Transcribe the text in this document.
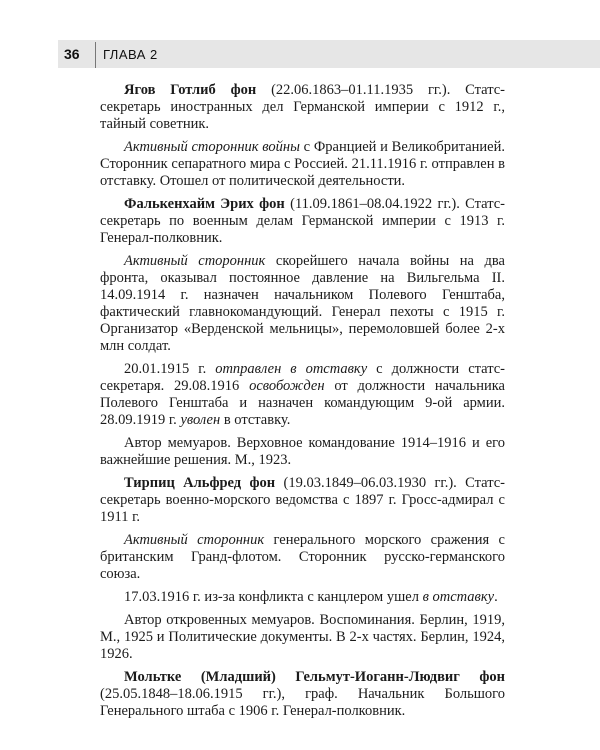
36 ГЛАВА 2

Ягов Готлиб фон (22.06.1863–01.11.1935 гг.). Статс-секретарь иностранных дел Германской империи с 1912 г., тайный советник.

Активный сторонник войны с Францией и Великобританией. Сторонник сепаратного мира с Россией. 21.11.1916 г. отправлен в отставку. Отошел от политической деятельности.

Фалькенхайм Эрих фон (11.09.1861–08.04.1922 гг.). Статс-секретарь по военным делам Германской империи с 1913 г. Генерал-полковник.

Активный сторонник скорейшего начала войны на два фронта, оказывал постоянное давление на Вильгельма II. 14.09.1914 г. назначен начальником Полевого Генштаба, фактический главнокомандующий. Генерал пехоты с 1915 г. Организатор «Верденской мельницы», перемоловшей более 2-х млн солдат.

20.01.1915 г. отправлен в отставку с должности статс-секретаря. 29.08.1916 освобожден от должности начальника Полевого Генштаба и назначен командующим 9-ой армии. 28.09.1919 г. уволен в отставку.

Автор мемуаров. Верховное командование 1914–1916 и его важнейшие решения. М., 1923.

Тирпиц Альфред фон (19.03.1849–06.03.1930 гг.). Статс-секретарь военно-морского ведомства с 1897 г. Гросс-адмирал с 1911 г.

Активный сторонник генерального морского сражения с британским Гранд-флотом. Сторонник русско-германского союза.

17.03.1916 г. из-за конфликта с канцлером ушел в отставку.

Автор откровенных мемуаров. Воспоминания. Берлин, 1919, М., 1925 и Политические документы. В 2-х частях. Берлин, 1924, 1926.

Мольтке (Младший) Гельмут-Иоганн-Людвиг фон (25.05.1848–18.06.1915 гг.), граф. Начальник Большого Генерального штаба с 1906 г. Генерал-полковник.
